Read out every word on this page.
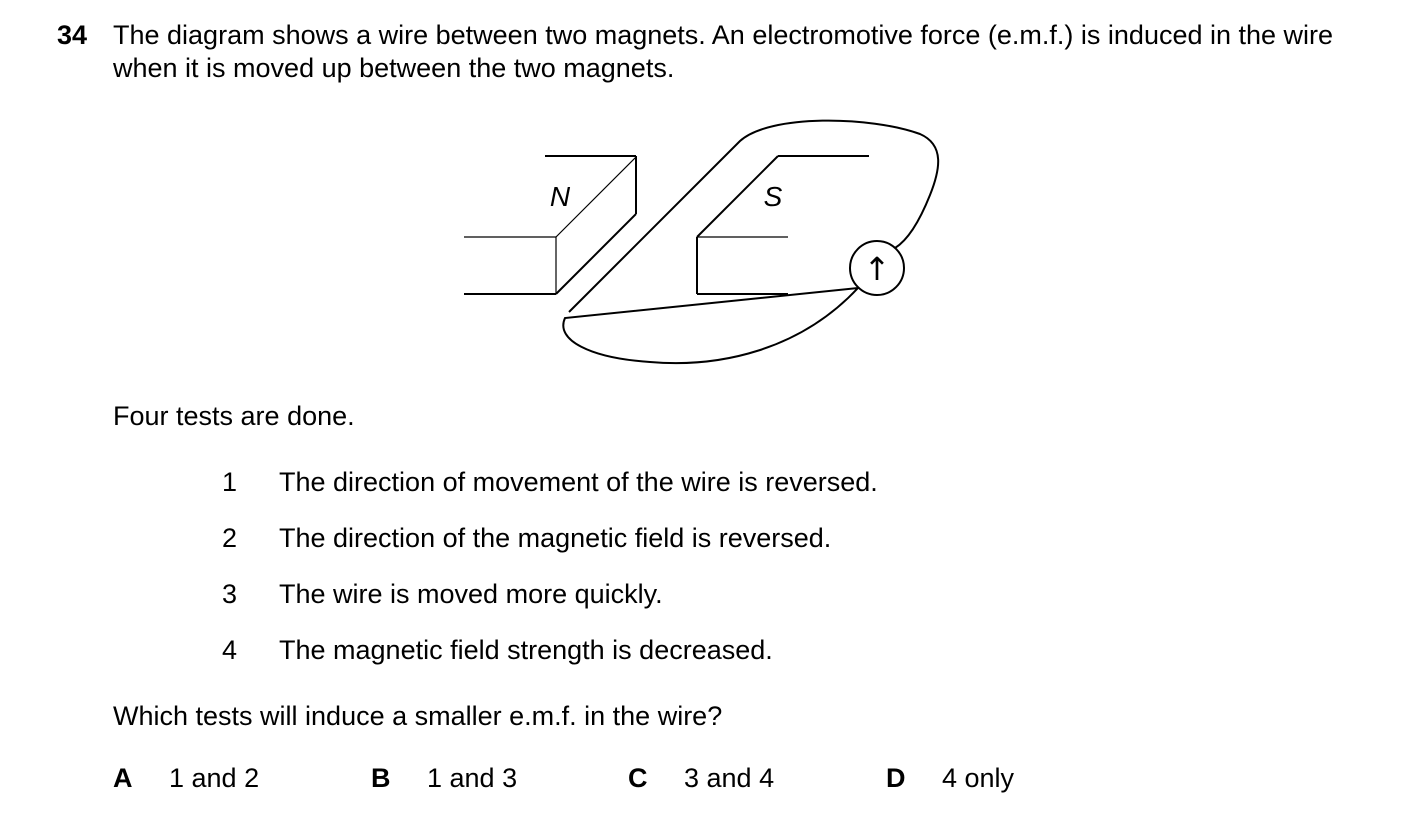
34 The diagram shows a wire between two magnets. An electromotive force (e.m.f.) is induced in the wire when it is moved up between the two magnets.
N	S
↑
Four tests are done.
1 The direction of movement of the wire is reversed.
2 The direction of the magnetic field is reversed.
3 The wire is moved more quickly.
4 The magnetic field strength is decreased.
Which tests will induce a smaller e.m.f. in the wire?
A 1 and 2	B 1 and 3	C 3 and 4	D 4 only
